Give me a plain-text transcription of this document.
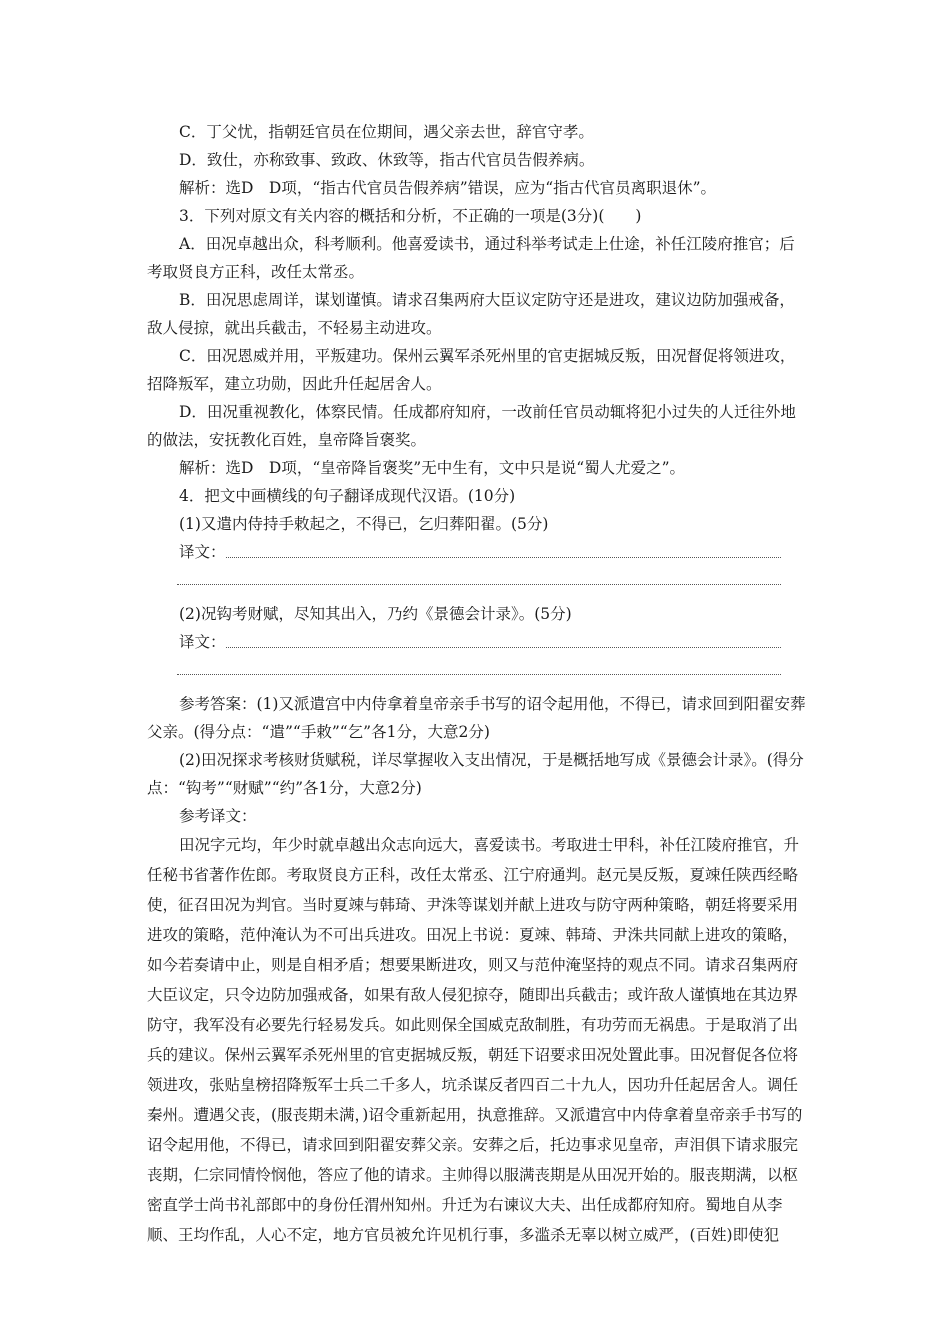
C．丁父忧，指朝廷官员在位期间，遇父亲去世，辞官守孝。

D．致仕，亦称致事、致政、休致等，指古代官员告假养病。

解析：选D　D项，“指古代官员告假养病”错误，应为“指古代官员离职退休”。

3．下列对原文有关内容的概括和分析，不正确的一项是(3分)(　　)

A．田况卓越出众，科考顺利。他喜爱读书，通过科举考试走上仕途，补任江陵府推官；后考取贤良方正科，改任太常丞。

B．田况思虑周详，谋划谨慎。请求召集两府大臣议定防守还是进攻，建议边防加强戒备，敌人侵掠，就出兵截击，不轻易主动进攻。

C．田况恩威并用，平叛建功。保州云翼军杀死州里的官吏据城反叛，田况督促将领进攻，招降叛军，建立功勋，因此升任起居舍人。

D．田况重视教化，体察民情。任成都府知府，一改前任官员动辄将犯小过失的人迁往外地的做法，安抚教化百姓，皇帝降旨褒奖。

解析：选D　D项，“皇帝降旨褒奖”无中生有，文中只是说“蜀人尤爱之”。

4．把文中画横线的句子翻译成现代汉语。(10分)

(1)又遣内侍持手敕起之，不得已，乞归葬阳翟。(5分)

译文：

(2)况钩考财赋，尽知其出入，乃约《景德会计录》。(5分)

译文：

参考答案：(1)又派遣宫中内侍拿着皇帝亲手书写的诏令起用他，不得已，请求回到阳翟安葬父亲。(得分点：“遣”“手敕”“乞”各1分，大意2分)

(2)田况探求考核财货赋税，详尽掌握收入支出情况，于是概括地写成《景德会计录》。(得分点：“钩考”“财赋”“约”各1分，大意2分)

参考译文：

田况字元均，年少时就卓越出众志向远大，喜爱读书。考取进士甲科，补任江陵府推官，升任秘书省著作佐郎。考取贤良方正科，改任太常丞、江宁府通判。赵元昊反叛，夏竦任陕西经略使，征召田况为判官。当时夏竦与韩琦、尹洙等谋划并献上进攻与防守两种策略，朝廷将要采用进攻的策略，范仲淹认为不可出兵进攻。田况上书说：夏竦、韩琦、尹洙共同献上进攻的策略，如今若奏请中止，则是自相矛盾；想要果断进攻，则又与范仲淹坚持的观点不同。请求召集两府大臣议定，只令边防加强戒备，如果有敌人侵犯掠夺，随即出兵截击；或许敌人谨慎地在其边界防守，我军没有必要先行轻易发兵。如此则保全国威克敌制胜，有功劳而无祸患。于是取消了出兵的建议。保州云翼军杀死州里的官吏据城反叛，朝廷下诏要求田况处置此事。田况督促各位将领进攻，张贴皇榜招降叛军士兵二千多人，坑杀谋反者四百二十九人，因功升任起居舍人。调任秦州。遭遇父丧，(服丧期未满，)诏令重新起用，执意推辞。又派遣宫中内侍拿着皇帝亲手书写的诏令起用他，不得已，请求回到阳翟安葬父亲。安葬之后，托边事求见皇帝，声泪俱下请求服完丧期，仁宗同情怜悯他，答应了他的请求。主帅得以服满丧期是从田况开始的。服丧期满，以枢密直学士尚书礼部郎中的身份任渭州知州。升迁为右谏议大夫、出任成都府知府。蜀地自从李顺、王均作乱，人心不定，地方官员被允许见机行事，多滥杀无辜以树立威严，(百姓)即使犯
